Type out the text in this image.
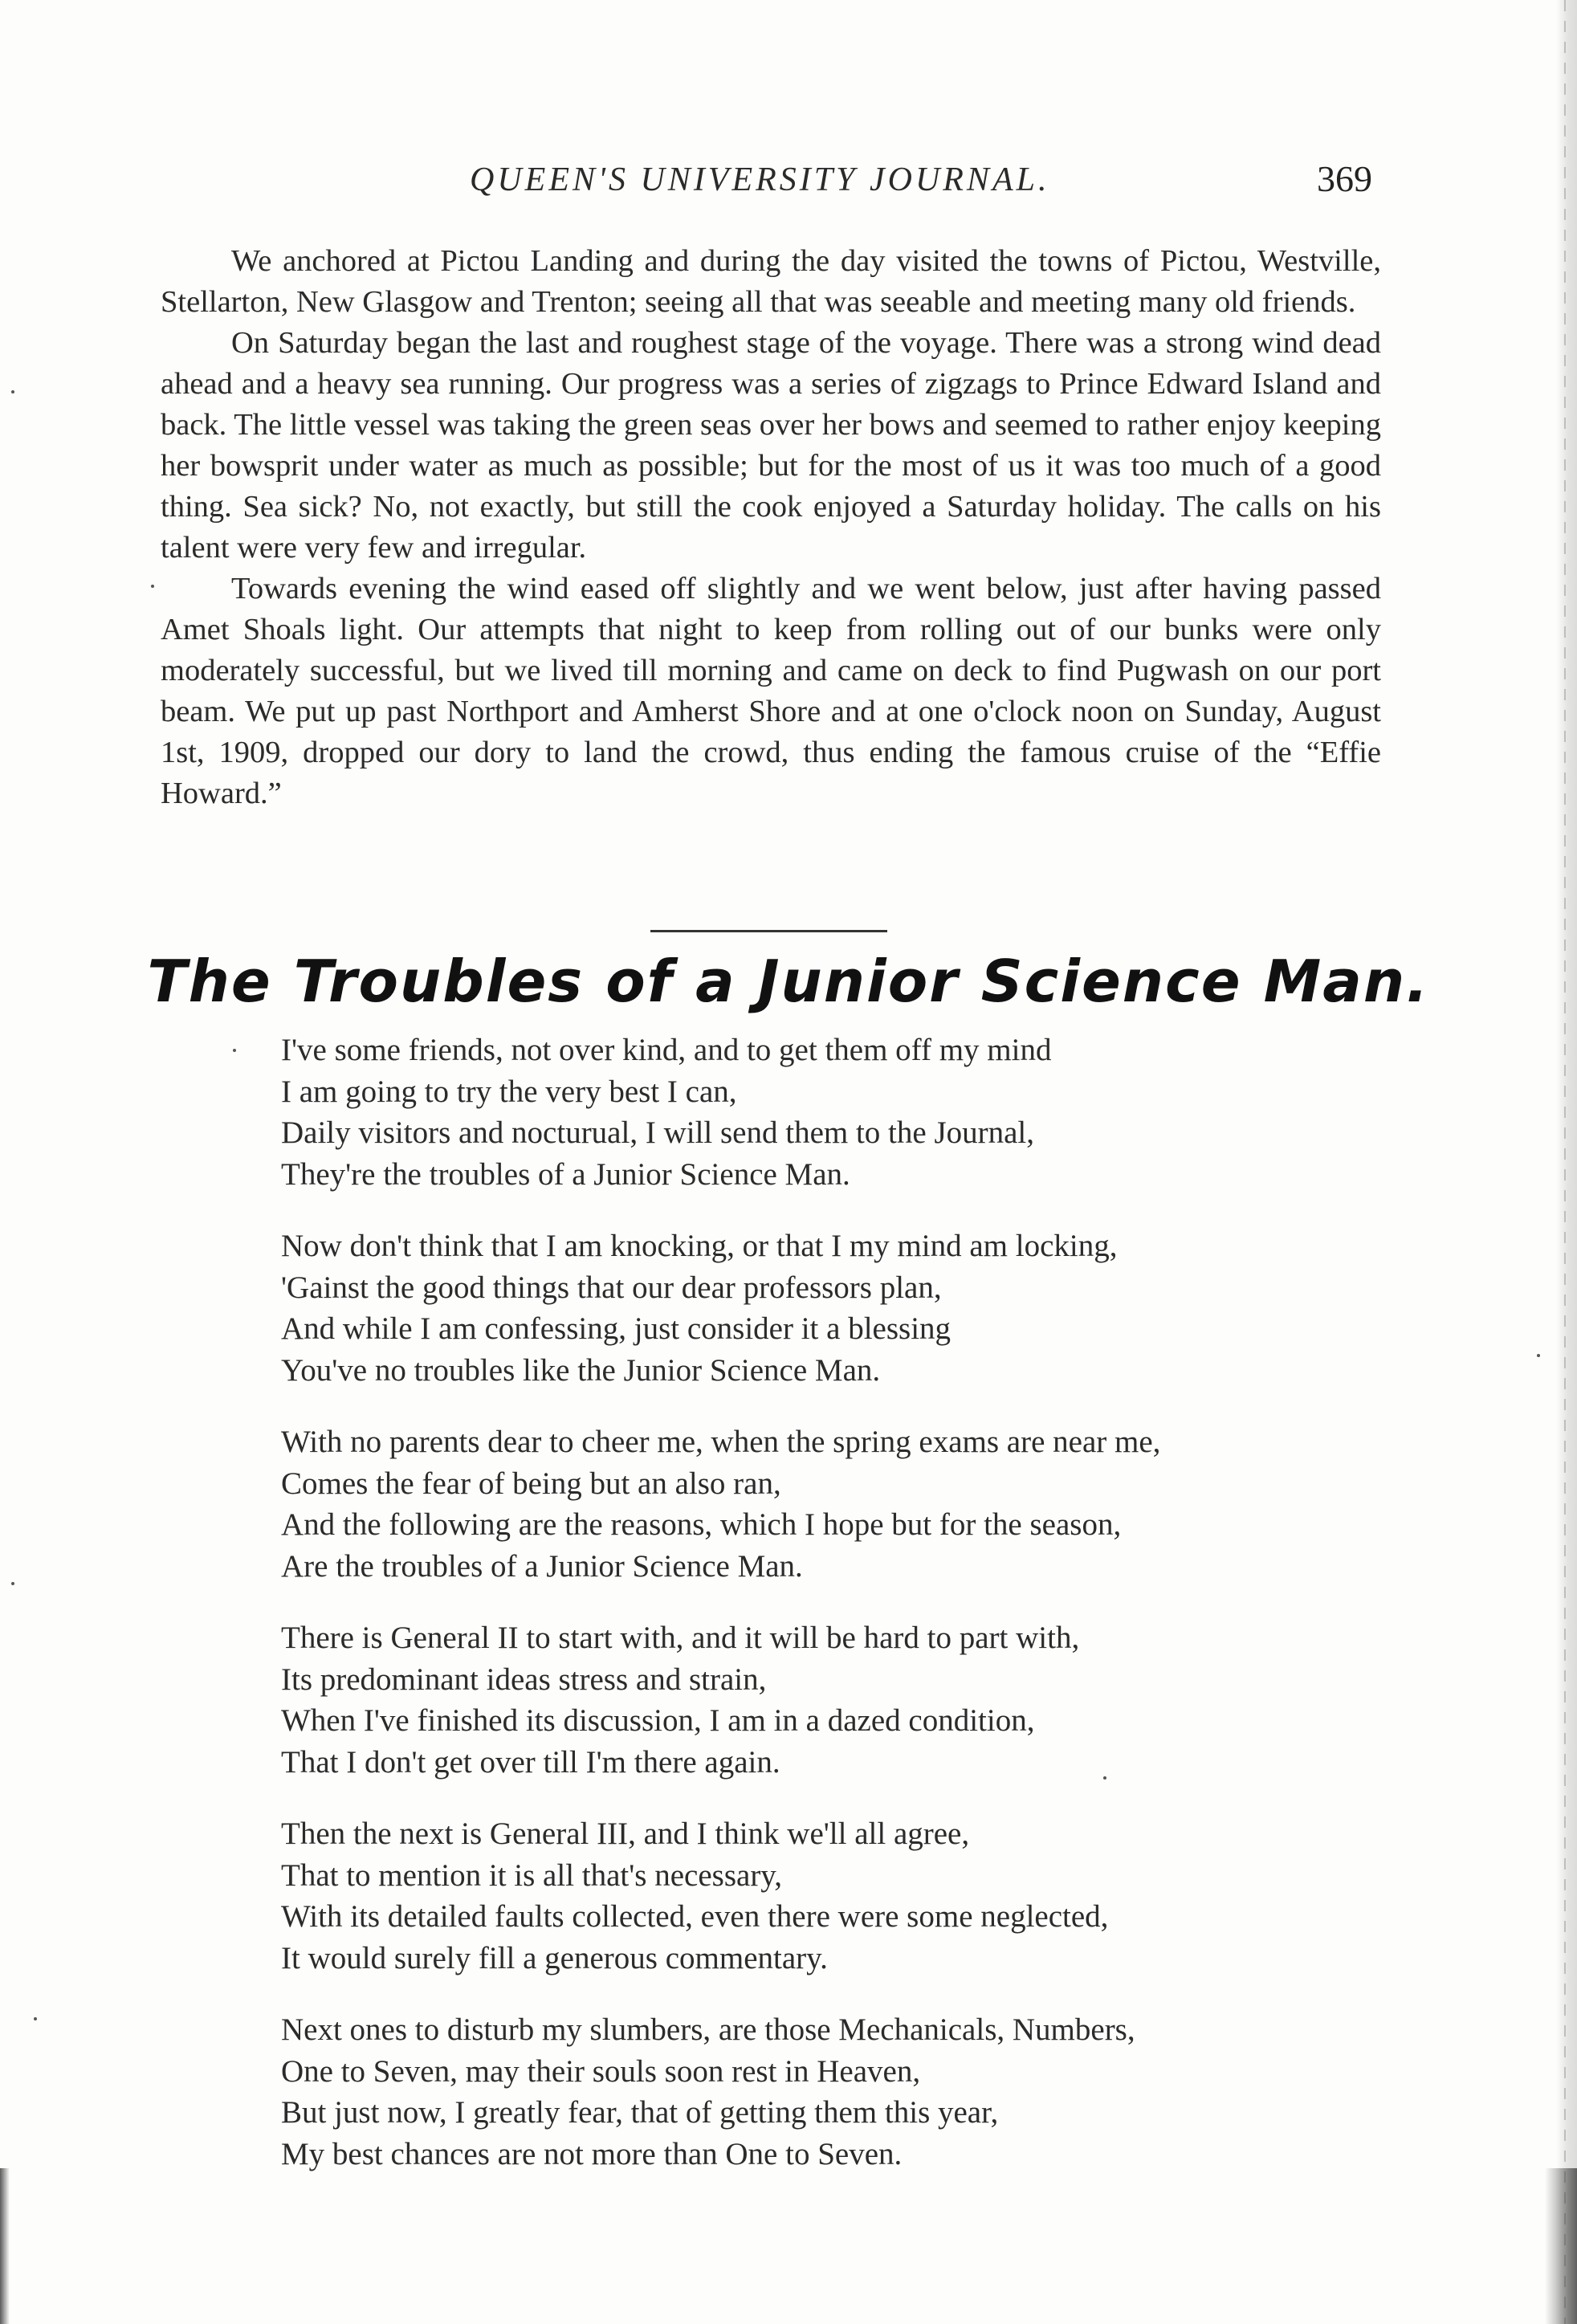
QUEEN'S UNIVERSITY JOURNAL.	369

We anchored at Pictou Landing and during the day visited the towns of Pictou, Westville, Stellarton, New Glasgow and Trenton; seeing all that was seeable and meeting many old friends.

On Saturday began the last and roughest stage of the voyage. There was a strong wind dead ahead and a heavy sea running. Our progress was a series of zigzags to Prince Edward Island and back. The little vessel was taking the green seas over her bows and seemed to rather enjoy keeping her bowsprit under water as much as possible; but for the most of us it was too much of a good thing. Sea sick? No, not exactly, but still the cook enjoyed a Saturday holiday. The calls on his talent were very few and irregular.

Towards evening the wind eased off slightly and we went below, just after having passed Amet Shoals light. Our attempts that night to keep from rolling out of our bunks were only moderately successful, but we lived till morning and came on deck to find Pugwash on our port beam. We put up past Northport and Amherst Shore and at one o'clock noon on Sunday, August 1st, 1909, dropped our dory to land the crowd, thus ending the famous cruise of the “Effie Howard.”

The Troubles of a Junior Science Man.
I've some friends, not over kind, and to get them off my mind
I am going to try the very best I can,
Daily visitors and nocturual, I will send them to the Journal,
They're the troubles of a Junior Science Man.
Now don't think that I am knocking, or that I my mind am locking,
'Gainst the good things that our dear professors plan,
And while I am confessing, just consider it a blessing
You've no troubles like the Junior Science Man.
With no parents dear to cheer me, when the spring exams are near me,
Comes the fear of being but an also ran,
And the following are the reasons, which I hope but for the season,
Are the troubles of a Junior Science Man.
There is General II to start with, and it will be hard to part with,
Its predominant ideas stress and strain,
When I've finished its discussion, I am in a dazed condition,
That I don't get over till I'm there again.
Then the next is General III, and I think we'll all agree,
That to mention it is all that's necessary,
With its detailed faults collected, even there were some neglected,
It would surely fill a generous commentary.
Next ones to disturb my slumbers, are those Mechanicals, Numbers,
One to Seven, may their souls soon rest in Heaven,
But just now, I greatly fear, that of getting them this year,
My best chances are not more than One to Seven.
